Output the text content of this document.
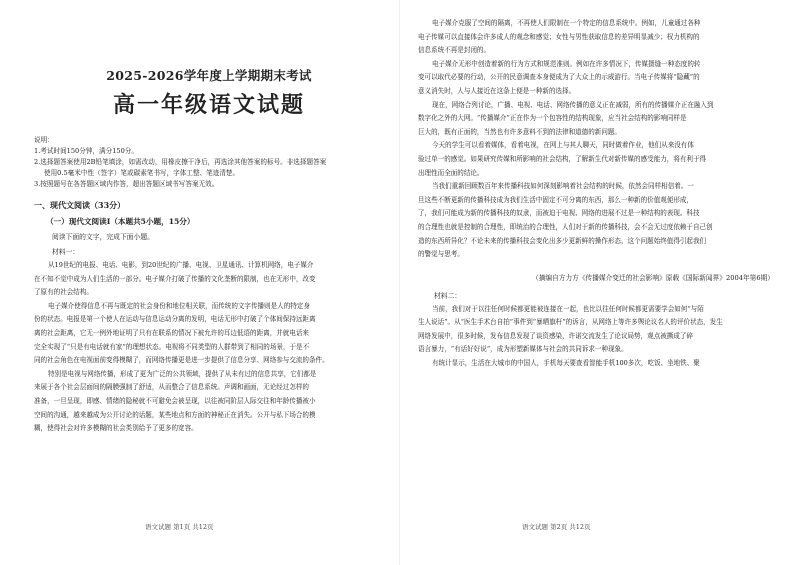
2025-2026学年度上学期期末考试
高一年级语文试题
说明：
1.考试时间150分钟，满分150分。
2.选择题答案使用2B铅笔填涂，如需改动，用橡皮擦干净后，再选涂其他答案的标号。非选择题答案
使用0.5毫米中性（签字）笔或碳素笔书写，字体工整、笔迹清楚。
3.按照题号在各答题区域内作答，超出答题区域书写答案无效。
一、现代文阅读（33分）
（一）现代文阅读Ⅰ（本题共5小题，15分）
阅读下面的文字，完成下面小题。
材料一：

从19世纪的电报、电话、电影，到20世纪的广播、电视、卫星通讯、计算机网络，电子媒介
在不知不觉中成为人们生活的一部分。电子媒介打破了传播的文化垄断的限制，也在无形中，改变
了原有的社会结构。

电子媒介使得信息不再与既定的社会身份和地位相关联，而传统的文字传播则是人的特定身
份的状态。电报是第一个使人在运动与信息运动分离的发明，电话无形中打破了个体间保持远距离
离的社会距离，它无一例外地证明了只有在联系的情况下被允许的耳边低语的距离，并就电话来
完全实现了“只是有电话就有家”的理想状态。电视将不同类型的人群带到了相同的场景，于是不
同的社会角色在电视面前变得模糊了，而网络传播更是进一步提供了信息分享、网络参与交流的条件。

特别是电视与网络传播，形成了更为广泛的公共领域，提供了从未有过的信息共享，它们都是
来展于各个社会层面间的隔膜强制了舒适，从而整合了信息系统。声调和画面，无论经过怎样的
准备，一旦呈现，即感、情绪的隐秘就不可避免会被呈现，以往被同阶层人际交往和年龄传播被小
空间的沟通，越来越成为公开讨论的话题，某些地点和方面的神秘正在消失。公开与私下场合的模
糊，使得社会对许多模糊的社会类别给予了更多的宽容。

语文试题 第1页 共12页

电子媒介克服了空间的隔离，不再使人们限制在一个特定的信息系统中。例如，儿童通过各种
电子传媒可以直接体会许多成人的观念和感觉；女性与男性获取信息的差异明显减少；权力机构的
信息系统不再是封闭的。

电子媒介无形中创造着新的行为方式和规范准则。例如在许多情况下，传媒摄缝一种态度的转
变可以取代必要的行动，公开的民意调查本身便成为了大众上的示威游行。当电子传媒将“隐藏”的
意义消失时，人与人接近在这条上便是一种新的选择。

现在，网络合列讨论，广播、电视、电话、网络传播的意义正在减弱，所有的传播媒介正在融入到
数字化之外的大网。“传播媒介”正在作为一个包容性的结构现象，应当社会结构的影响同样是
巨大的，既有正面的，当然也有许多意料不到的法律和道德的新问题。

今天的学生可以看着媒体，看着电视，在网上与其人聊天，同时做着作业，他们从来没有体
验过单一的感觉。如果研究传媒和所影响的社会结构，了解新生代对新传媒的感受能力，将有利于得
出理性而全面的结论。

当我们重新回顾数百年来传播科技如何深刻影响着社会结构的时候，依然会同样相信着。一
旦这些不断更新的传播科技成为我们生活中固定不可分离的东西，那么一种新的价值观便形成，
了，我们可能成为新的传播科技的奴隶，而被迫于电视、网络的进展不过是一种结构的表现。科技
的合理性也就是控制的合理性，即统治的合理性，人们对于新的传播科技，会不会无过度依赖于自己创
造的东西所异化？不论未来的传播科技会变化出多少更新鲜的操作形态，这个问题始终值得引起我们
的警觉与思考。

（摘编自方力方《传播媒介变迁的社会影响》原载《国际新闻界》2004年第6期）
材料二：

当前，我们对于以往任何时候都更能被连接在一起，也比以往任何时候都更需要学会如何“与陌
生人说话”。从“医生手术台自拍”事件到“暴晒旗杆”的诉言，从网络上等许多舆论议名人的评价状态，发生
网络发展中，很多时候，发布信息发现了谈资感染，许诺交流发生了论议局势，观点被撕成了碎
语言暴力，“有话好好说”，成为形塑新媒体与社会的共同诉求一种现象。

有统计显示，生活在大城市的中国人，手机每天要查看智能手机100多次，吃饭、坐地铁、聚

语文试题 第2页 共12页
